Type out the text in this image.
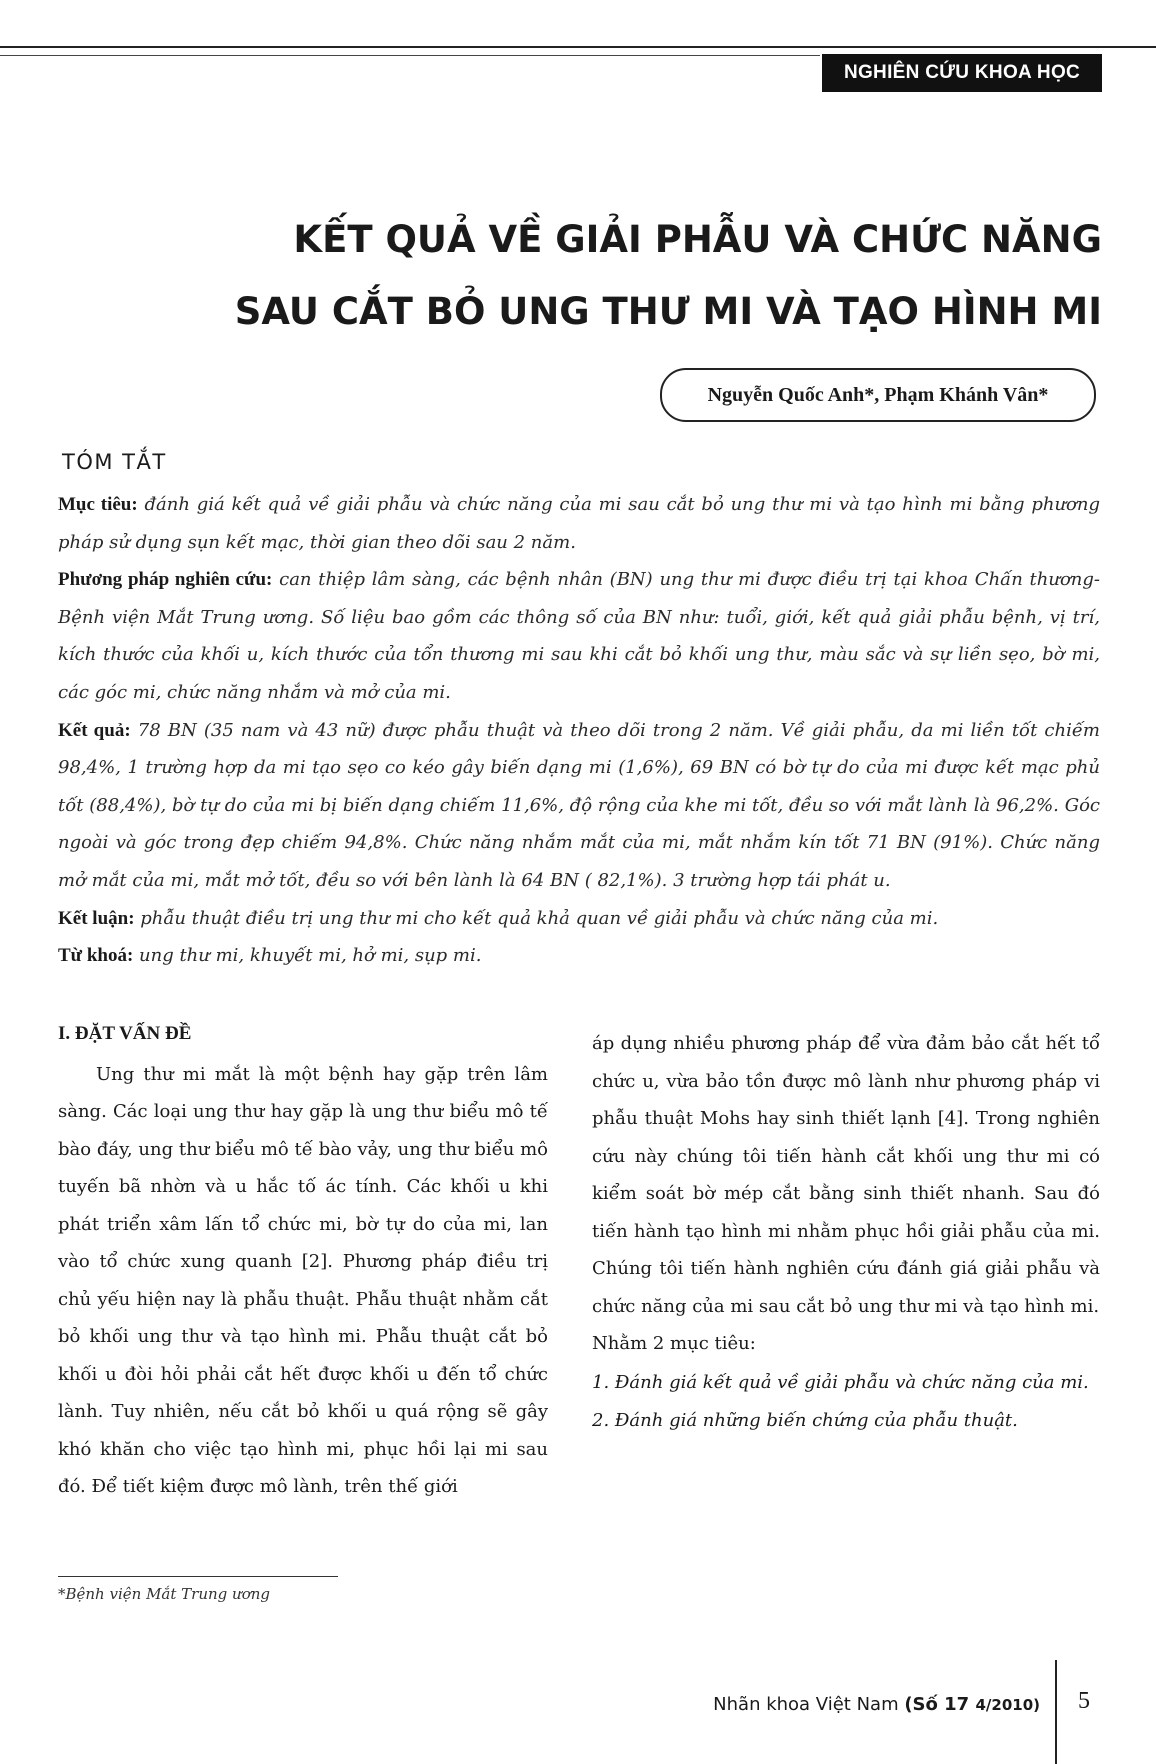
NGHIÊN CỨU KHOA HỌC
KẾT QUẢ VỀ GIẢI PHẪU VÀ CHỨC NĂNG
SAU CẮT BỎ UNG THƯ MI VÀ TẠO HÌNH MI
Nguyễn Quốc Anh*, Phạm Khánh Vân*
TÓM TẮT

Mục tiêu: đánh giá kết quả về giải phẫu và chức năng của mi sau cắt bỏ ung thư mi và tạo hình mi bằng phương pháp sử dụng sụn kết mạc, thời gian theo dõi sau 2 năm.

Phương pháp nghiên cứu: can thiệp lâm sàng, các bệnh nhân (BN) ung thư mi được điều trị tại khoa Chấn thương- Bệnh viện Mắt Trung ương. Số liệu bao gồm các thông số của BN như: tuổi, giới, kết quả giải phẫu bệnh, vị trí, kích thước của khối u, kích thước của tổn thương mi sau khi cắt bỏ khối ung thư, màu sắc và sự liền sẹo, bờ mi, các góc mi, chức năng nhắm và mở của mi.

Kết quả: 78 BN (35 nam và 43 nữ) được phẫu thuật và theo dõi trong 2 năm. Về giải phẫu, da mi liền tốt chiếm 98,4%, 1 trường hợp da mi tạo sẹo co kéo gây biến dạng mi (1,6%), 69 BN có bờ tự do của mi được kết mạc phủ tốt (88,4%), bờ tự do của mi bị biến dạng chiếm 11,6%, độ rộng của khe mi tốt, đều so với mắt lành là 96,2%. Góc ngoài và góc trong đẹp chiếm 94,8%. Chức năng nhắm mắt của mi, mắt nhắm kín tốt 71 BN (91%). Chức năng mở mắt của mi, mắt mở tốt, đều so với bên lành là 64 BN ( 82,1%). 3 trường hợp tái phát u.

Kết luận: phẫu thuật điều trị ung thư mi cho kết quả khả quan về giải phẫu và chức năng của mi.

Từ khoá: ung thư mi, khuyết mi, hở mi, sụp mi.

I. ĐẶT VẤN ĐỀ

Ung thư mi mắt là một bệnh hay gặp trên lâm sàng. Các loại ung thư hay gặp là ung thư biểu mô tế bào đáy, ung thư biểu mô tế bào vảy, ung thư biểu mô tuyến bã nhờn và u hắc tố ác tính. Các khối u khi phát triển xâm lấn tổ chức mi, bờ tự do của mi, lan vào tổ chức xung quanh [2]. Phương pháp điều trị chủ yếu hiện nay là phẫu thuật. Phẫu thuật nhằm cắt bỏ khối ung thư và tạo hình mi. Phẫu thuật cắt bỏ khối u đòi hỏi phải cắt hết được khối u đến tổ chức lành. Tuy nhiên, nếu cắt bỏ khối u quá rộng sẽ gây khó khăn cho việc tạo hình mi, phục hồi lại mi sau đó. Để tiết kiệm được mô lành, trên thế giới

áp dụng nhiều phương pháp để vừa đảm bảo cắt hết tổ chức u, vừa bảo tồn được mô lành như phương pháp vi phẫu thuật Mohs hay sinh thiết lạnh [4]. Trong nghiên cứu này chúng tôi tiến hành cắt khối ung thư mi có kiểm soát bờ mép cắt bằng sinh thiết nhanh. Sau đó tiến hành tạo hình mi nhằm phục hồi giải phẫu của mi. Chúng tôi tiến hành nghiên cứu đánh giá giải phẫu và chức năng của mi sau cắt bỏ ung thư mi và tạo hình mi.

Nhằm 2 mục tiêu:

1. Đánh giá kết quả về giải phẫu và chức năng của mi.

2. Đánh giá những biến chứng của phẫu thuật.

*Bệnh viện Mắt Trung ương
Nhãn khoa Việt Nam (Số 17 4/2010) 5
